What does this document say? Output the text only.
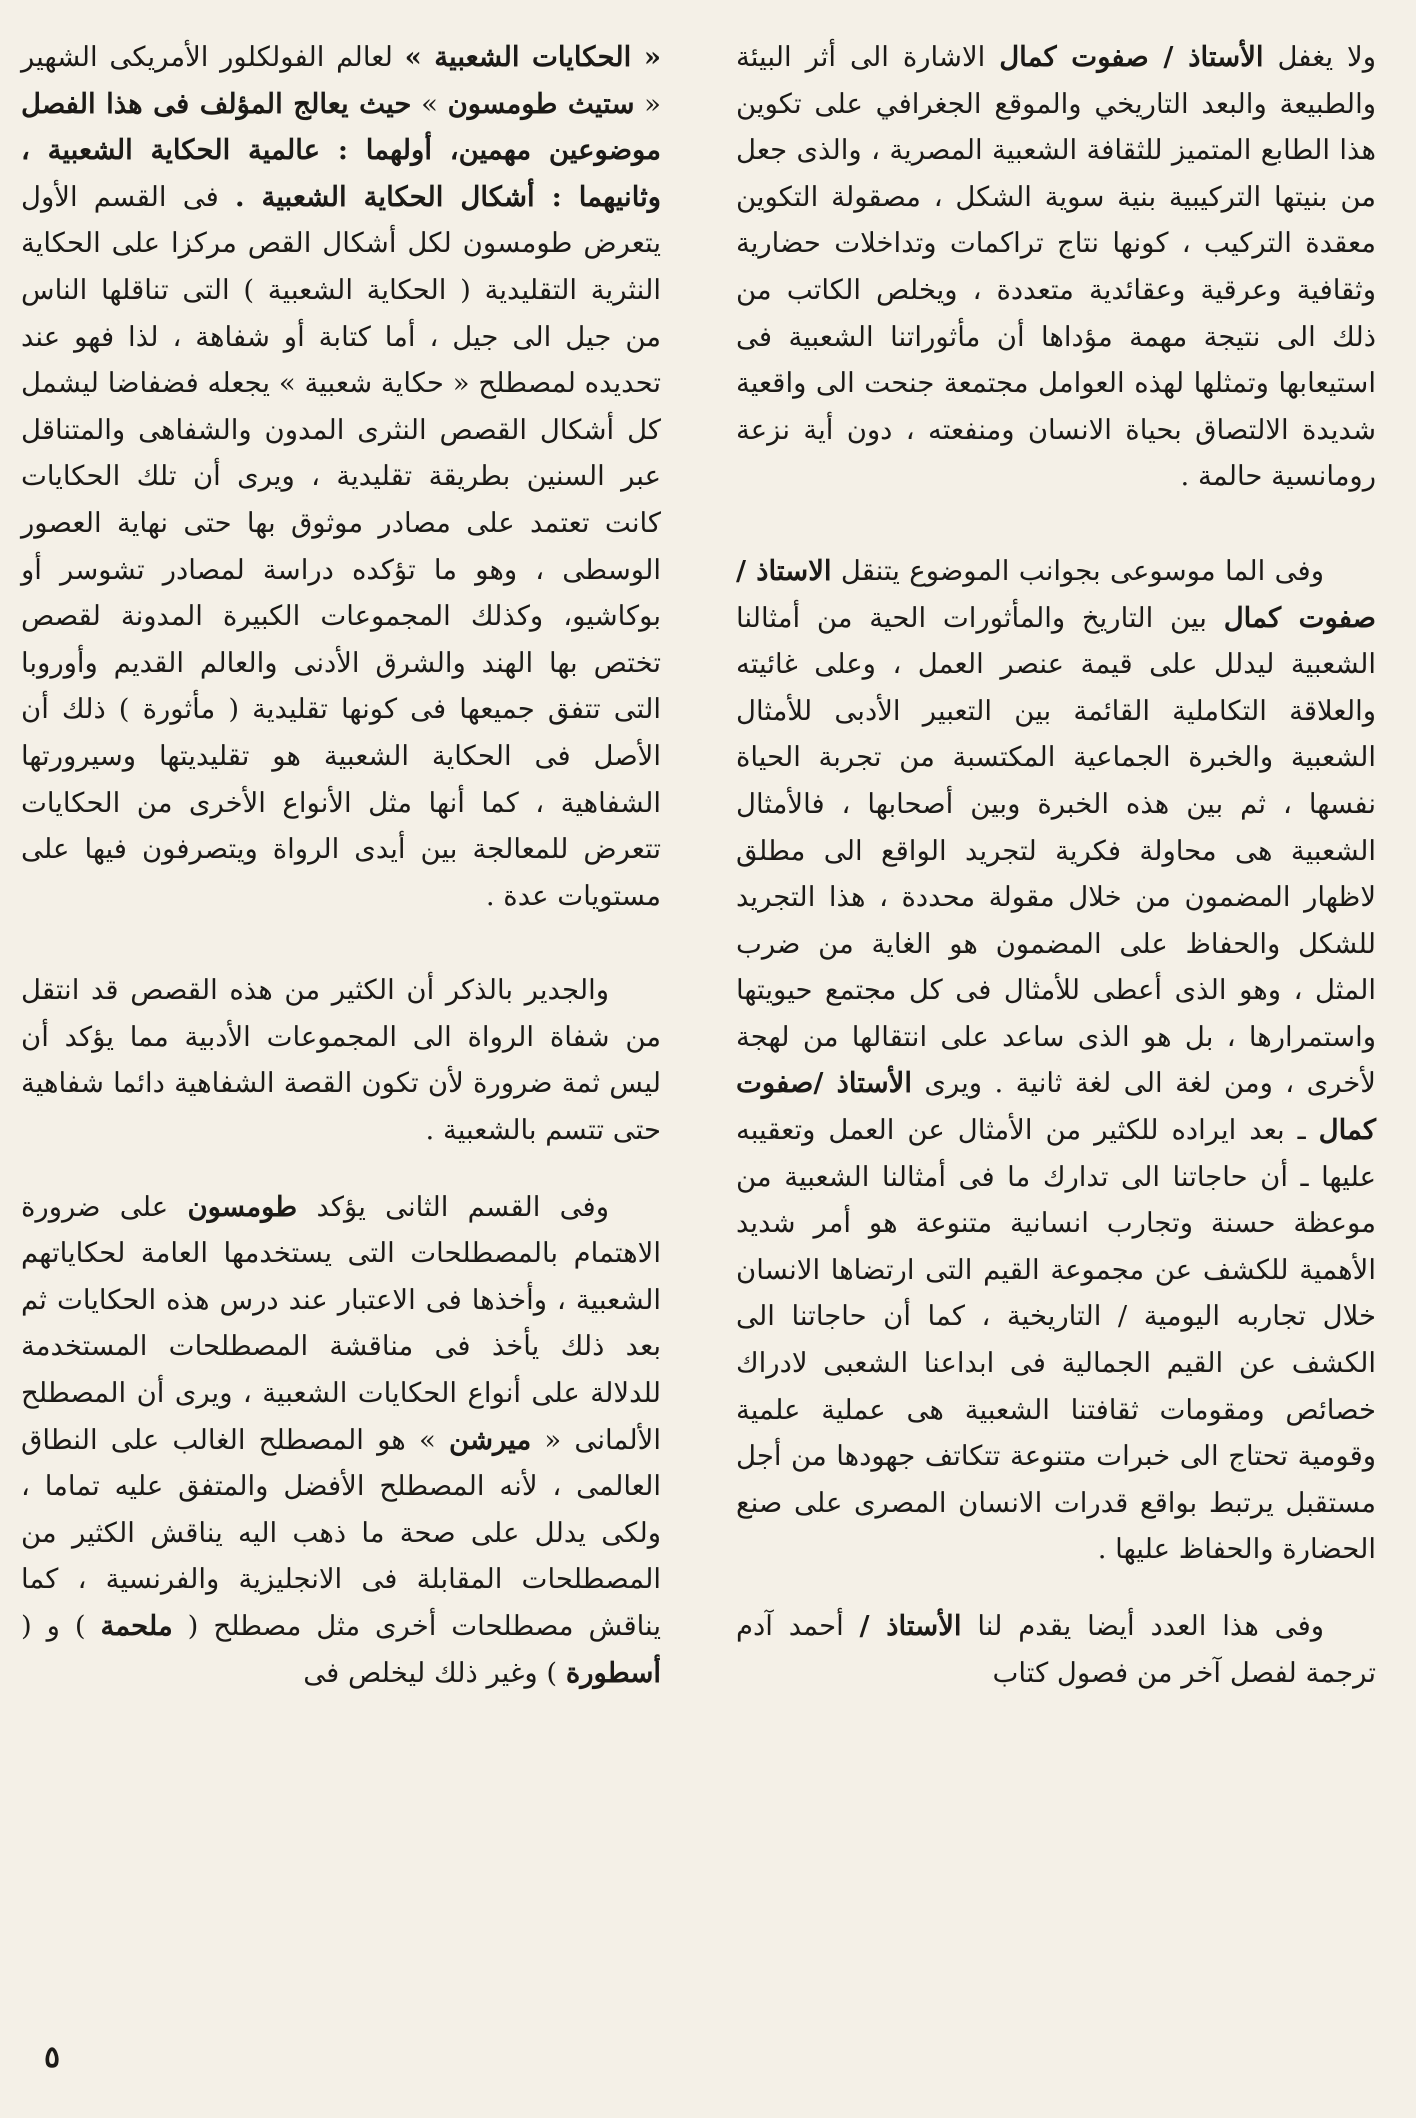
ولا يغفل الأستاذ / صفوت كمال الاشارة الى أثر البيئة والطبيعة والبعد التاريخي والموقع الجغرافي على تكوين هذا الطابع المتميز للثقافة الشعبية المصرية ، والذى جعل من بنيتها التركيبية بنية سوية الشكل ، مصقولة التكوين معقدة التركيب ، كونها نتاج تراكمات وتداخلات حضارية وثقافية وعرقية وعقائدية متعددة ، ويخلص الكاتب من ذلك الى نتيجة مهمة مؤداها أن مأثوراتنا الشعبية فى استيعابها وتمثلها لهذه العوامل مجتمعة جنحت الى واقعية شديدة الالتصاق بحياة الانسان ومنفعته ، دون أية نزعة رومانسية حالمة .

وفى الما موسوعى بجوانب الموضوع يتنقل الاستاذ / صفوت كمال بين التاريخ والمأثورات الحية من أمثالنا الشعبية ليدلل على قيمة عنصر العمل ، وعلى غائيته والعلاقة التكاملية القائمة بين التعبير الأدبى للأمثال الشعبية والخبرة الجماعية المكتسبة من تجربة الحياة نفسها ، ثم بين هذه الخبرة وبين أصحابها ، فالأمثال الشعبية هى محاولة فكرية لتجريد الواقع الى مطلق لاظهار المضمون من خلال مقولة محددة ، هذا التجريد للشكل والحفاظ على المضمون هو الغاية من ضرب المثل ، وهو الذى أعطى للأمثال فى كل مجتمع حيويتها واستمرارها ، بل هو الذى ساعد على انتقالها من لهجة لأخرى ، ومن لغة الى لغة ثانية . ويرى الأستاذ /صفوت كمال ـ بعد ايراده للكثير من الأمثال عن العمل وتعقيبه عليها ـ أن حاجاتنا الى تدارك ما فى أمثالنا الشعبية من موعظة حسنة وتجارب انسانية متنوعة هو أمر شديد الأهمية للكشف عن مجموعة القيم التى ارتضاها الانسان خلال تجاربه اليومية / التاريخية ، كما أن حاجاتنا الى الكشف عن القيم الجمالية فى ابداعنا الشعبى لادراك خصائص ومقومات ثقافتنا الشعبية هى عملية علمية وقومية تحتاج الى خبرات متنوعة تتكاتف جهودها من أجل مستقبل يرتبط بواقع قدرات الانسان المصرى على صنع الحضارة والحفاظ عليها .

وفى هذا العدد أيضا يقدم لنا الأستاذ / أحمد آدم ترجمة لفصل آخر من فصول كتاب

« الحكايات الشعبية » لعالم الفولكلور الأمريكى الشهير « ستيث طومسون » حيث يعالج المؤلف فى هذا الفصل موضوعين مهمين، أولهما : عالمية الحكاية الشعبية ، وثانيهما : أشكال الحكاية الشعبية . فى القسم الأول يتعرض طومسون لكل أشكال القص مركزا على الحكاية النثرية التقليدية ( الحكاية الشعبية ) التى تناقلها الناس من جيل الى جيل ، أما كتابة أو شفاهة ، لذا فهو عند تحديده لمصطلح « حكاية شعبية » يجعله فضفاضا ليشمل كل أشكال القصص النثرى المدون والشفاهى والمتناقل عبر السنين بطريقة تقليدية ، ويرى أن تلك الحكايات كانت تعتمد على مصادر موثوق بها حتى نهاية العصور الوسطى ، وهو ما تؤكده دراسة لمصادر تشوسر أو بوكاشيو، وكذلك المجموعات الكبيرة المدونة لقصص تختص بها الهند والشرق الأدنى والعالم القديم وأوروبا التى تتفق جميعها فى كونها تقليدية ( مأثورة ) ذلك أن الأصل فى الحكاية الشعبية هو تقليديتها وسيرورتها الشفاهية ، كما أنها مثل الأنواع الأخرى من الحكايات تتعرض للمعالجة بين أيدى الرواة ويتصرفون فيها على مستويات عدة .

والجدير بالذكر أن الكثير من هذه القصص قد انتقل من شفاة الرواة الى المجموعات الأدبية مما يؤكد أن ليس ثمة ضرورة لأن تكون القصة الشفاهية دائما شفاهية حتى تتسم بالشعبية .

وفى القسم الثانى يؤكد طومسون على ضرورة الاهتمام بالمصطلحات التى يستخدمها العامة لحكاياتهم الشعبية ، وأخذها فى الاعتبار عند درس هذه الحكايات ثم بعد ذلك يأخذ فى مناقشة المصطلحات المستخدمة للدلالة على أنواع الحكايات الشعبية ، ويرى أن المصطلح الألمانى « ميرشن » هو المصطلح الغالب على النطاق العالمى ، لأنه المصطلح الأفضل والمتفق عليه تماما ، ولكى يدلل على صحة ما ذهب اليه يناقش الكثير من المصطلحات المقابلة فى الانجليزية والفرنسية ، كما يناقش مصطلحات أخرى مثل مصطلح ( ملحمة ) و ( أسطورة ) وغير ذلك ليخلص فى

٥
